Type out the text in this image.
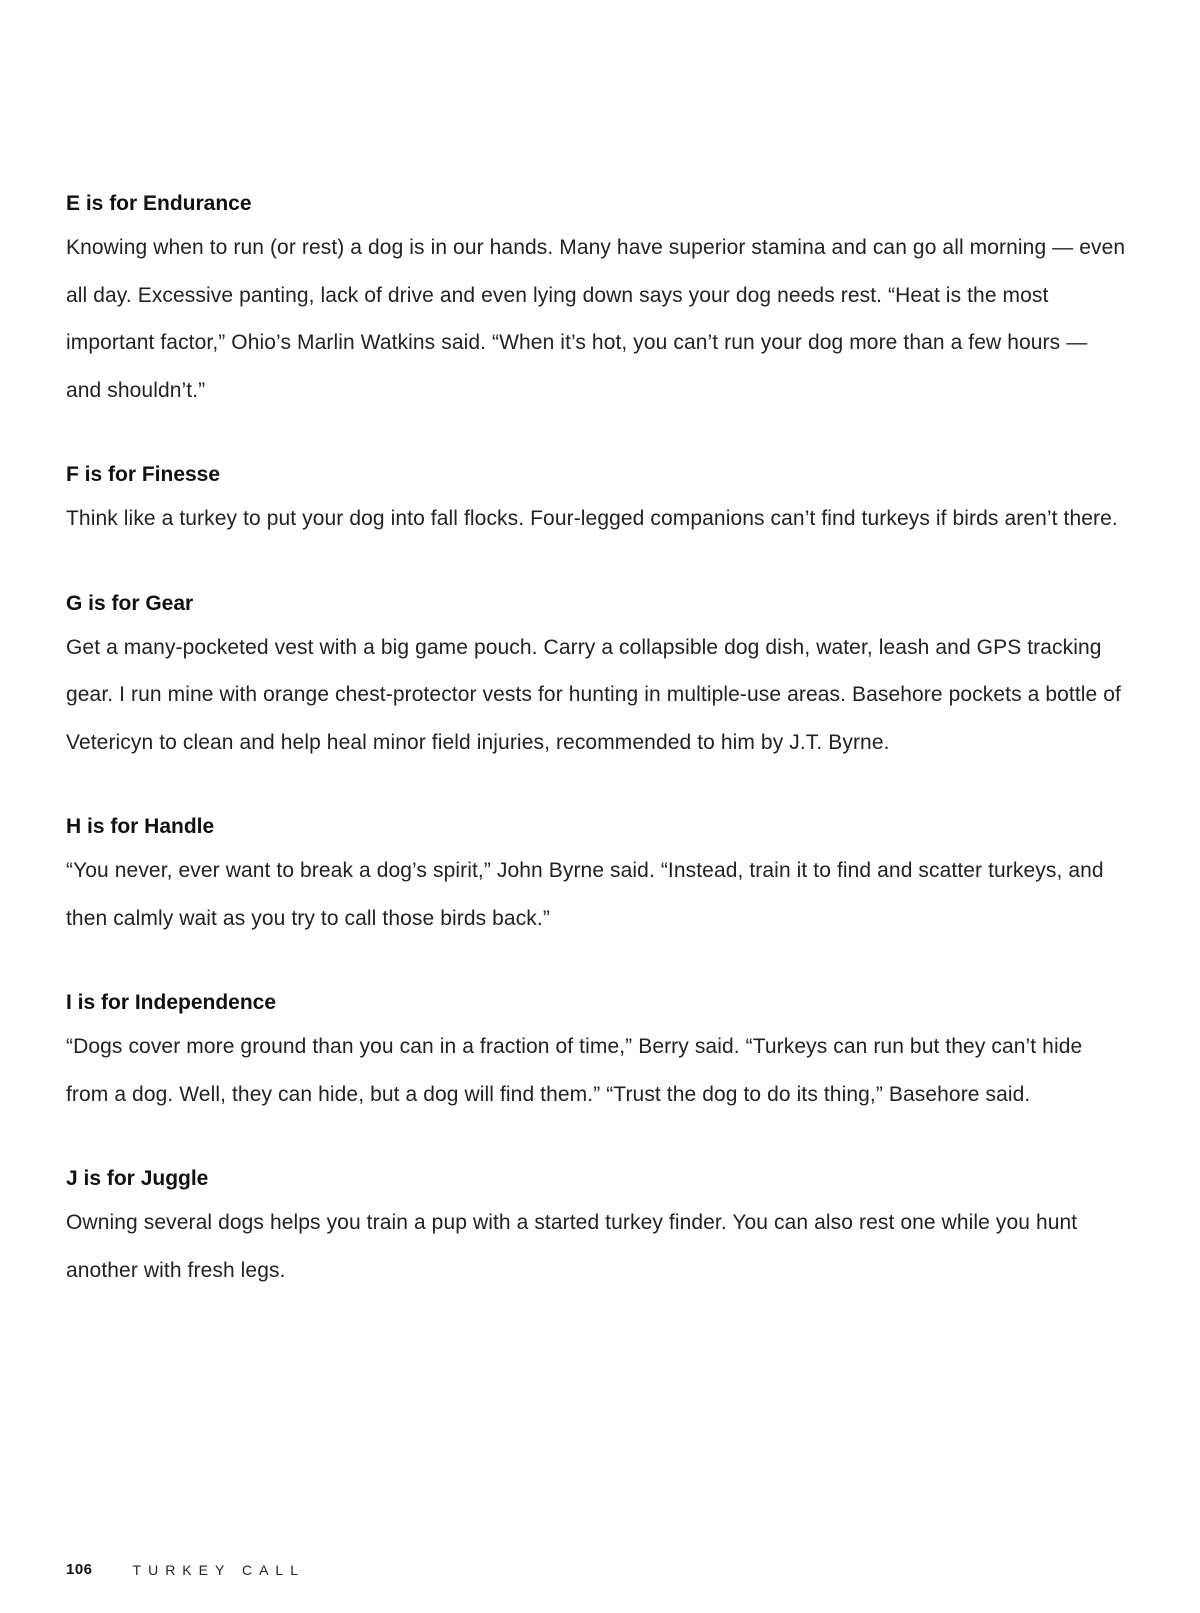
E is for Endurance

Knowing when to run (or rest) a dog is in our hands. Many have superior stamina and can go all morning — even all day. Excessive panting, lack of drive and even lying down says your dog needs rest. “Heat is the most important factor,” Ohio’s Marlin Watkins said. “When it’s hot, you can’t run your dog more than a few hours — and shouldn’t.”

F is for Finesse

Think like a turkey to put your dog into fall flocks. Four-legged companions can’t find turkeys if birds aren’t there.

G is for Gear

Get a many-pocketed vest with a big game pouch. Carry a collapsible dog dish, water, leash and GPS tracking gear. I run mine with orange chest-protector vests for hunting in multiple-use areas. Basehore pockets a bottle of Vetericyn to clean and help heal minor field injuries, recommended to him by J.T. Byrne.

H is for Handle

“You never, ever want to break a dog’s spirit,” John Byrne said. “Instead, train it to find and scatter turkeys, and then calmly wait as you try to call those birds back.”

I is for Independence

“Dogs cover more ground than you can in a fraction of time,” Berry said. “Turkeys can run but they can’t hide from a dog. Well, they can hide, but a dog will find them.” “Trust the dog to do its thing,” Basehore said.

J is for Juggle

Owning several dogs helps you train a pup with a started turkey finder. You can also rest one while you hunt another with fresh legs.

106	TURKEY CALL
